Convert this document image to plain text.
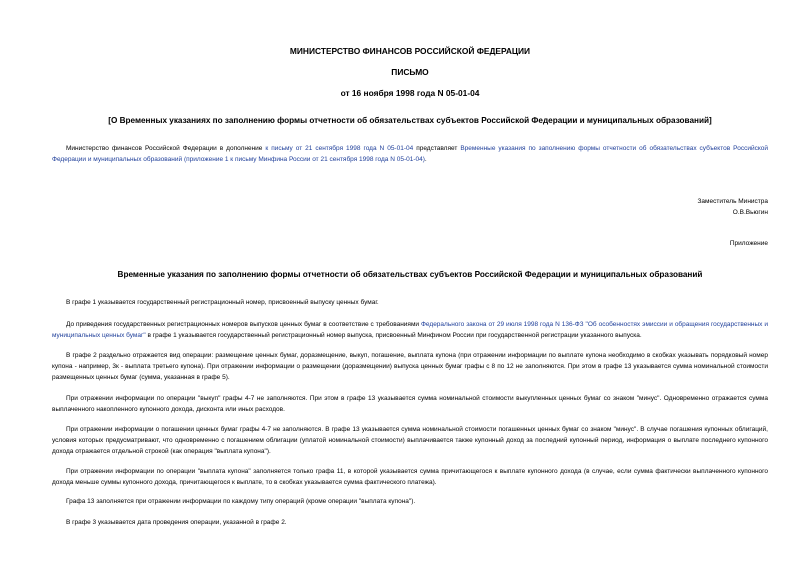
МИНИСТЕРСТВО ФИНАНСОВ РОССИЙСКОЙ ФЕДЕРАЦИИ
ПИСЬМО
от 16 ноября 1998 года N 05-01-04
[О Временных указаниях по заполнению формы отчетности об обязательствах субъектов Российской Федерации и муниципальных образований]

Министерство финансов Российской Федерации в дополнение к письму от 21 сентября 1998 года N 05-01-04 представляет Временные указания по заполнению формы отчетности об обязательствах субъектов Российской Федерации и муниципальных образований (приложение 1 к письму Минфина России от 21 сентября 1998 года N 05-01-04).

Заместитель Министра
О.В.Вьюгин
Приложение
Временные указания по заполнению формы отчетности об обязательствах субъектов Российской Федерации и муниципальных образований

В графе 1 указывается государственный регистрационный номер, присвоенный выпуску ценных бумаг.

До приведения государственных регистрационных номеров выпусков ценных бумаг в соответствие с требованиями Федерального закона от 29 июля 1998 года N 136-ФЗ "Об особенностях эмиссии и обращения государственных и муниципальных ценных бумаг" в графе 1 указывается государственный регистрационный номер выпуска, присвоенный Минфином России при государственной регистрации указанного выпуска.

В графе 2 раздельно отражается вид операции: размещение ценных бумаг, доразмещение, выкуп, погашение, выплата купона (при отражении информации по выплате купона необходимо в скобках указывать порядковый номер купона - например, 3к - выплата третьего купона). При отражении информации о размещении (доразмещении) выпуска ценных бумаг графы с 8 по 12 не заполняются. При этом в графе 13 указывается сумма номинальной стоимости размещенных ценных бумаг (сумма, указанная в графе 5).

При отражении информации по операции "выкуп" графы 4-7 не заполняются. При этом в графе 13 указывается сумма номинальной стоимости выкупленных ценных бумаг со знаком "минус". Одновременно отражается сумма выплаченного накопленного купонного дохода, дисконта или иных расходов.

При отражении информации о погашении ценных бумаг графы 4-7 не заполняются. В графе 13 указывается сумма номинальной стоимости погашенных ценных бумаг со знаком "минус". В случае погашения купонных облигаций, условия которых предусматривают, что одновременно с погашением облигации (уплатой номинальной стоимости) выплачивается также купонный доход за последний купонный период, информация о выплате последнего купонного дохода отражается отдельной строкой (как операция "выплата купона").

При отражении информации по операции "выплата купона" заполняется только графа 11, в которой указывается сумма причитающегося к выплате купонного дохода (в случае, если сумма фактически выплаченного купонного дохода меньше суммы купонного дохода, причитающегося к выплате, то в скобках указывается сумма фактического платежа).

Графа 13 заполняется при отражении информации по каждому типу операций (кроме операции "выплата купона").

В графе 3 указывается дата проведения операции, указанной в графе 2.
